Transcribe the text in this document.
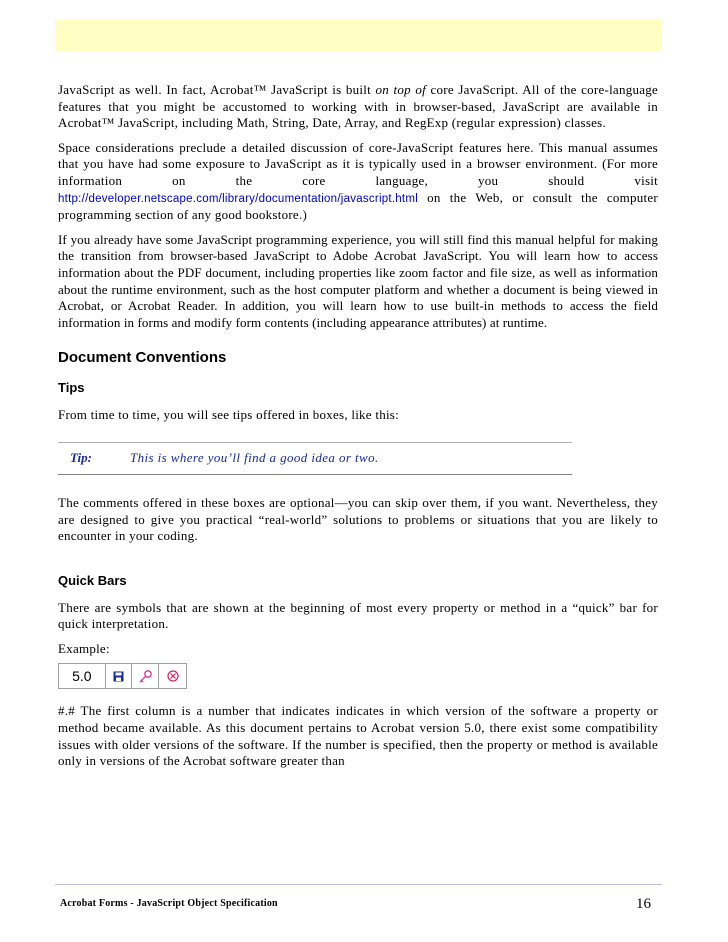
JavaScript as well. In fact, Acrobat™ JavaScript is built on top of core JavaScript. All of the core-language features that you might be accustomed to working with in browser-based, JavaScript are available in Acrobat™ JavaScript, including Math, String, Date, Array, and RegExp (regular expression) classes.

Space considerations preclude a detailed discussion of core-JavaScript features here. This manual assumes that you have had some exposure to JavaScript as it is typically used in a browser environment. (For more information on the core language, you should visit http://developer.netscape.com/library/documentation/javascript.html on the Web, or consult the computer programming section of any good bookstore.)

If you already have some JavaScript programming experience, you will still find this manual helpful for making the transition from browser-based JavaScript to Adobe Acrobat JavaScript. You will learn how to access information about the PDF document, including properties like zoom factor and file size, as well as information about the runtime environment, such as the host computer platform and whether a document is being viewed in Acrobat, or Acrobat Reader. In addition, you will learn how to use built-in methods to access the field information in forms and modify form contents (including appearance attributes) at runtime.

Document Conventions
Tips

From time to time, you will see tips offered in boxes, like this:

Tip:	This is where you’ll find a good idea or two.

The comments offered in these boxes are optional—you can skip over them, if you want. Nevertheless, they are designed to give you practical “real-world” solutions to problems or situations that you are likely to encounter in your coding.

Quick Bars

There are symbols that are shown at the beginning of most every property or method in a “quick” bar for quick interpretation.

Example:

5.0

#.# The first column is a number that indicates indicates in which version of the software a property or method became available. As this document pertains to Acrobat version 5.0, there exist some compatibility issues with older versions of the software. If the number is specified, then the property or method is available only in versions of the Acrobat software greater than

Acrobat Forms - JavaScript Object Specification	16
